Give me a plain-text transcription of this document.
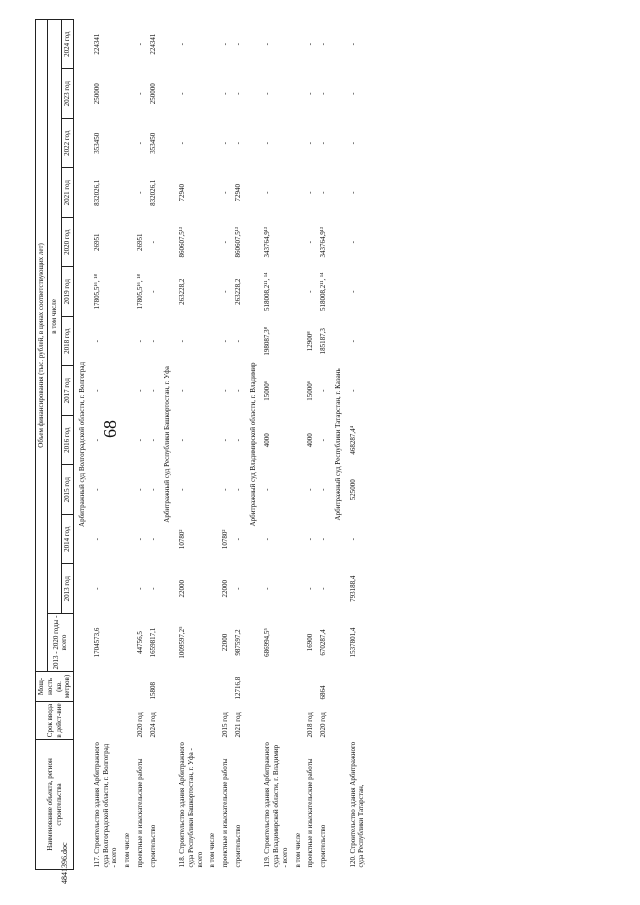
68
4841396.doc
Наименование объекта, регион строительства	Срок ввода в дейст-вие	Мощ-ность (кв. метров)	Объем финансирования (тыс. рублей, в ценах соответствующих лет)												
			2013 - 2020 годы - всего	в том числе											
				2013 год	2014 год	2015 год	2016 год	2017 год	2018 год	2019 год	2020 год	2021 год	2022 год	2023 год	2024 год
Арбитражный суд Волгоградской области, г. Волгоград															
117. Строительство здания Арбитражного суда Волгоградской области, г. Волгоград - всего			1704573,6	-	-	-	-	-	-	17805,5¹⁶, ¹⁸	26951	832026,1	353450	250000	224341
в том числе															
проектные и изыскательские работы	2020 год		44756,5	-	-	-	-	-	-	17805,5¹⁶, ¹⁸	26951	-	-	-	-
строительство	2024 год	15808	1659817,1	-	-	-	-	-	-	-	-	832026,1	353450	250000	224341
Арбитражный суд Республики Башкортостан, г. Уфа															
118. Строительство здания Арбитражного суда Республики Башкортостан, г. Уфа - всего			1009597,2⁵	22000	10780²	-	-	-	-	263228,2	860607,5¹³	72940	-	-	-
в том числе															
проектные и изыскательские работы	2015 год		22000	22000	10780²	-	-	-	-	-	-	-	-	-	-
строительство	2021 год	12716,8	987597,2	-	-	-	-	-	-	263228,2	860607,5¹³	72940	-	-	-
Арбитражный суд Владимирской области, г. Владимир															
119. Строительство здания Арбитражного суда Владимирской области, г. Владимир - всего			686994,5⁵	-	-	-	4000	15000⁶	198087,3⁸	518008,2¹¹, ¹⁴	343764,9¹³	-	-	-	-
в том числе															
проектные и изыскательские работы	2018 год		16900	-	-	-	4000	15000⁶	12900⁸	-	-	-	-	-	-
строительство	2020 год	6864	670287,4	-	-	-	-	-	185187,3	518008,2¹¹, ¹⁴	343764,9¹³	-	-	-	-
Арбитражный суд Республики Татарстан, г. Казань															
120. Строительство здания Арбитражного суда Республики Татарстан,			1537801,4	793188,4	-	525000	468287,4⁴	-	-	-	-	-	-	-	-
